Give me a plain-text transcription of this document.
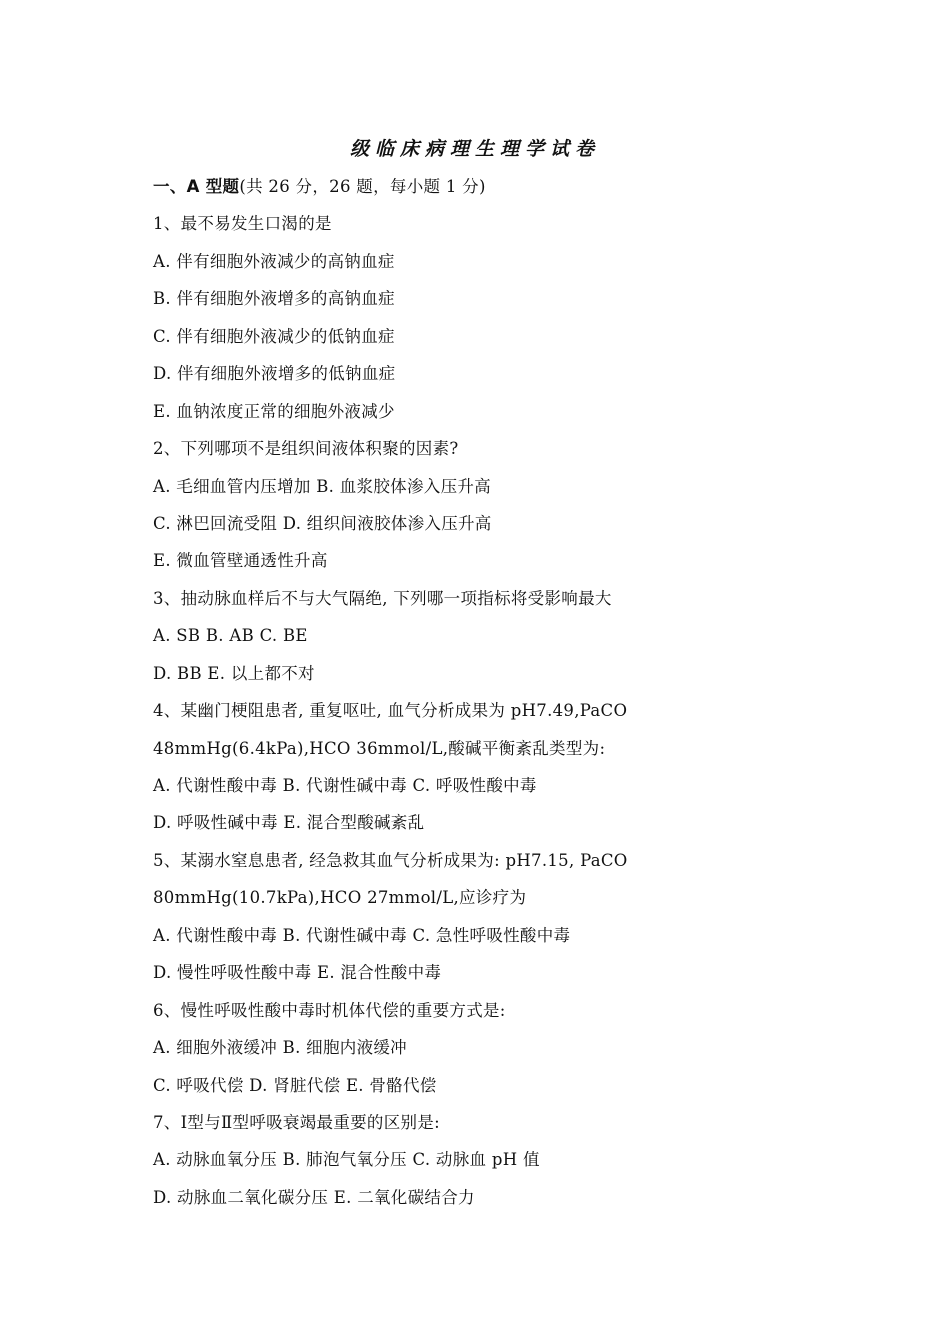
级临床病理生理学试卷
一、A 型题(共 26 分，26 题，每小题 1 分)
1、最不易发生口渴的是
A. 伴有细胞外液减少的高钠血症
B. 伴有细胞外液增多的高钠血症
C. 伴有细胞外液减少的低钠血症
D. 伴有细胞外液增多的低钠血症
E. 血钠浓度正常的细胞外液减少
2、下列哪项不是组织间液体积聚的因素?
A. 毛细血管内压增加 B. 血浆胶体渗入压升高
C. 淋巴回流受阻 D. 组织间液胶体渗入压升高
E. 微血管壁通透性升高
3、抽动脉血样后不与大气隔绝, 下列哪一项指标将受影响最大
A. SB B. AB C. BE
D. BB E. 以上都不对
4、某幽门梗阻患者, 重复呕吐, 血气分析成果为 pH7.49,PaCO
48mmHg(6.4kPa),HCO 36mmol/L,酸碱平衡紊乱类型为:
A. 代谢性酸中毒 B. 代谢性碱中毒 C. 呼吸性酸中毒
D. 呼吸性碱中毒 E. 混合型酸碱紊乱
5、某溺水窒息患者, 经急救其血气分析成果为: pH7.15, PaCO
80mmHg(10.7kPa),HCO 27mmol/L,应诊疗为
A. 代谢性酸中毒 B. 代谢性碱中毒 C. 急性呼吸性酸中毒
D. 慢性呼吸性酸中毒 E. 混合性酸中毒
6、慢性呼吸性酸中毒时机体代偿的重要方式是:
A. 细胞外液缓冲 B. 细胞内液缓冲
C. 呼吸代偿 D. 肾脏代偿 E. 骨骼代偿
7、Ⅰ型与Ⅱ型呼吸衰竭最重要的区别是:
A. 动脉血氧分压 B. 肺泡气氧分压 C. 动脉血 pH 值
D. 动脉血二氧化碳分压 E. 二氧化碳结合力
